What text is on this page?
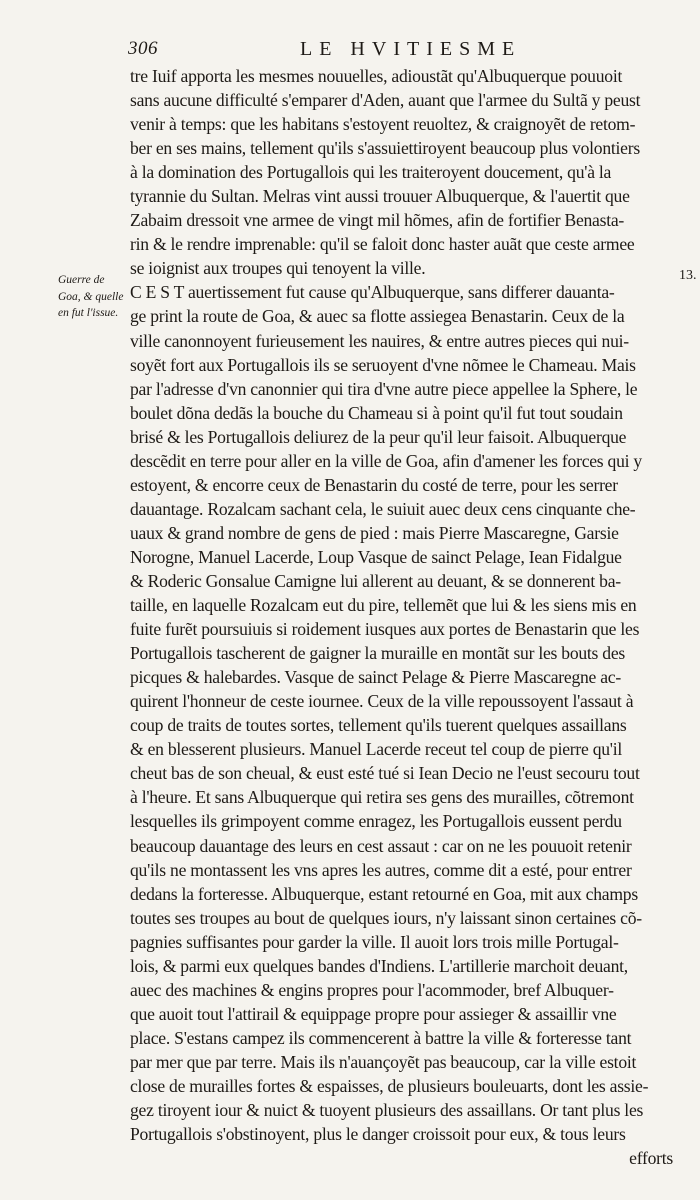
306	LE HVITIESME
Guerre de
Goa, & quelle
en fut l'issue.
13.
tre Iuif apporta les mesmes nouuelles, adioustãt qu'Albuquerque pouuoit
sans aucune difficulté s'emparer d'Aden, auant que l'armee du Sultã y peust
venir à temps: que les habitans s'estoyent reuoltez, & craignoyẽt de retom-
ber en ses mains, tellement qu'ils s'assuiettiroyent beaucoup plus volontiers
à la domination des Portugallois qui les traiteroyent doucement, qu'à la
tyrannie du Sultan. Melras vint aussi trouuer Albuquerque, & l'auertit que
Zabaim dressoit vne armee de vingt mil hõmes, afin de fortifier Benasta-
rin & le rendre imprenable: qu'il se faloit donc haster auãt que ceste armee
se ioignist aux troupes qui tenoyent la ville.
C E S T auertissement fut cause qu'Albuquerque, sans differer dauanta-
ge print la route de Goa, & auec sa flotte assiegea Benastarin. Ceux de la
ville canonnoyent furieusement les nauires, & entre autres pieces qui nui-
soyẽt fort aux Portugallois ils se seruoyent d'vne nõmee le Chameau. Mais
par l'adresse d'vn canonnier qui tira d'vne autre piece appellee la Sphere, le
boulet dõna dedãs la bouche du Chameau si à point qu'il fut tout soudain
brisé & les Portugallois deliurez de la peur qu'il leur faisoit. Albuquerque
descẽdit en terre pour aller en la ville de Goa, afin d'amener les forces qui y
estoyent, & encorre ceux de Benastarin du costé de terre, pour les serrer
dauantage. Rozalcam sachant cela, le suiuit auec deux cens cinquante che-
uaux & grand nombre de gens de pied : mais Pierre Mascaregne, Garsie
Norogne, Manuel Lacerde, Loup Vasque de sainct Pelage, Iean Fidalgue
& Roderic Gonsalue Camigne lui allerent au deuant, & se donnerent ba-
taille, en laquelle Rozalcam eut du pire, tellemẽt que lui & les siens mis en
fuite furẽt poursuiuis si roidement iusques aux portes de Benastarin que les
Portugallois tascherent de gaigner la muraille en montãt sur les bouts des
picques & halebardes. Vasque de sainct Pelage & Pierre Mascaregne ac-
quirent l'honneur de ceste iournee. Ceux de la ville repoussoyent l'assaut à
coup de traits de toutes sortes, tellement qu'ils tuerent quelques assaillans
& en blesserent plusieurs. Manuel Lacerde receut tel coup de pierre qu'il
cheut bas de son cheual, & eust esté tué si Iean Decio ne l'eust secouru tout
à l'heure. Et sans Albuquerque qui retira ses gens des murailles, cõtremont
lesquelles ils grimpoyent comme enragez, les Portugallois eussent perdu
beaucoup dauantage des leurs en cest assaut : car on ne les pouuoit retenir
qu'ils ne montassent les vns apres les autres, comme dit a esté, pour entrer
dedans la forteresse. Albuquerque, estant retourné en Goa, mit aux champs
toutes ses troupes au bout de quelques iours, n'y laissant sinon certaines cõ-
pagnies suffisantes pour garder la ville. Il auoit lors trois mille Portugal-
lois, & parmi eux quelques bandes d'Indiens. L'artillerie marchoit deuant,
auec des machines & engins propres pour l'acommoder, bref Albuquer-
que auoit tout l'attirail & equippage propre pour assieger & assaillir vne
place. S'estans campez ils commencerent à battre la ville & forteresse tant
par mer que par terre. Mais ils n'auançoyẽt pas beaucoup, car la ville estoit
close de murailles fortes & espaisses, de plusieurs bouleuarts, dont les assie-
gez tiroyent iour & nuict & tuoyent plusieurs des assaillans. Or tant plus les
Portugallois s'obstinoyent, plus le danger croissoit pour eux, & tous leurs
efforts
